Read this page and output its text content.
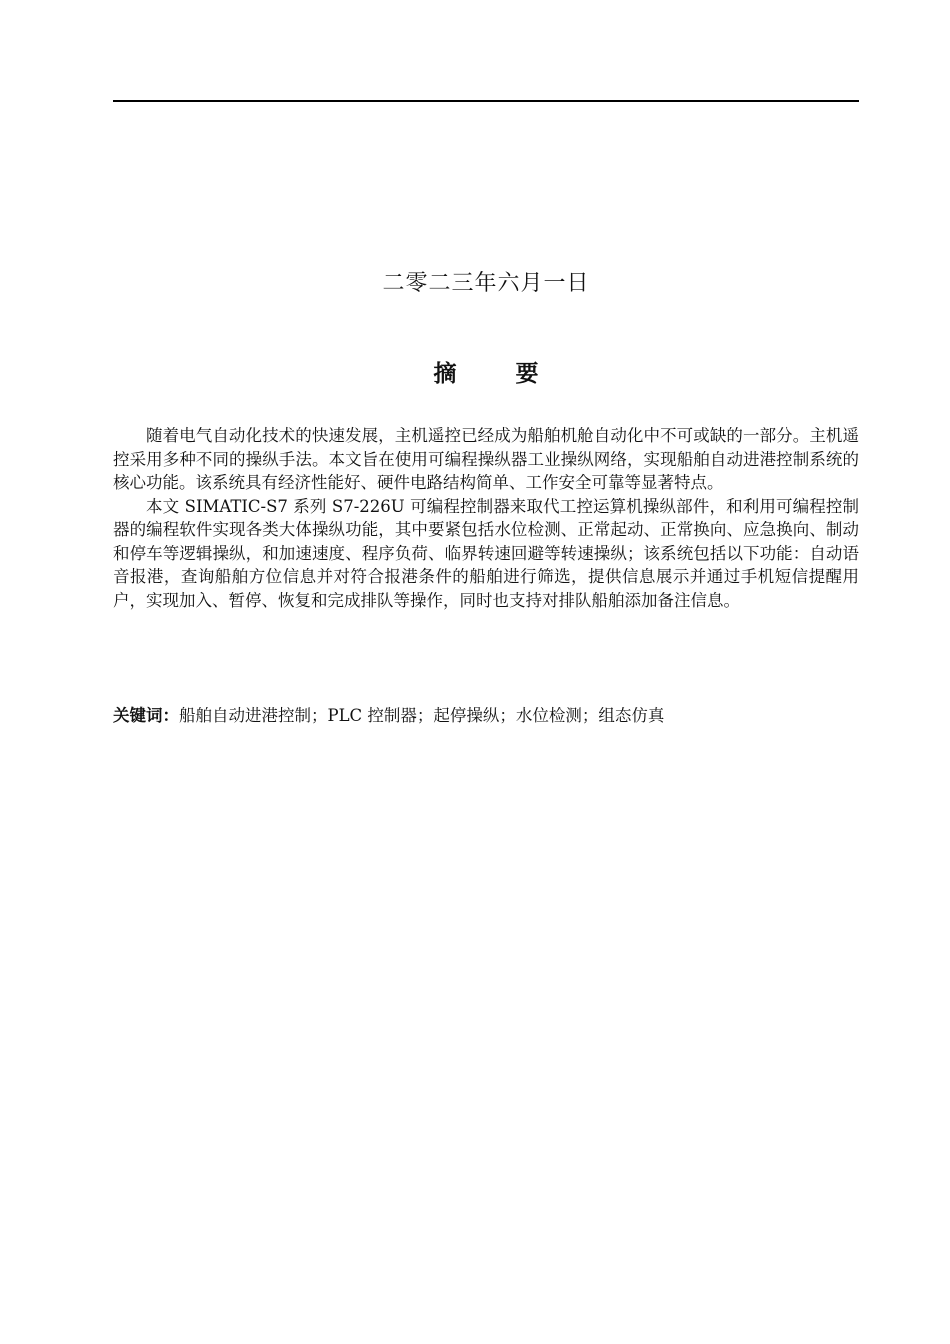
二零二三年六月一日
摘　要

随着电气自动化技术的快速发展，主机遥控已经成为船舶机舱自动化中不可或缺的一部分。主机遥控采用多种不同的操纵手法。本文旨在使用可编程操纵器工业操纵网络，实现船舶自动进港控制系统的核心功能。该系统具有经济性能好、硬件电路结构简单、工作安全可靠等显著特点。

本文 SIMATIC-S7 系列 S7-226U 可编程控制器来取代工控运算机操纵部件，和利用可编程控制器的编程软件实现各类大体操纵功能，其中要紧包括水位检测、正常起动、正常换向、应急换向、制动和停车等逻辑操纵，和加速速度、程序负荷、临界转速回避等转速操纵；该系统包括以下功能：自动语音报港，查询船舶方位信息并对符合报港条件的船舶进行筛选，提供信息展示并通过手机短信提醒用户，实现加入、暂停、恢复和完成排队等操作，同时也支持对排队船舶添加备注信息。

关键词：船舶自动进港控制；PLC 控制器；起停操纵；水位检测；组态仿真
